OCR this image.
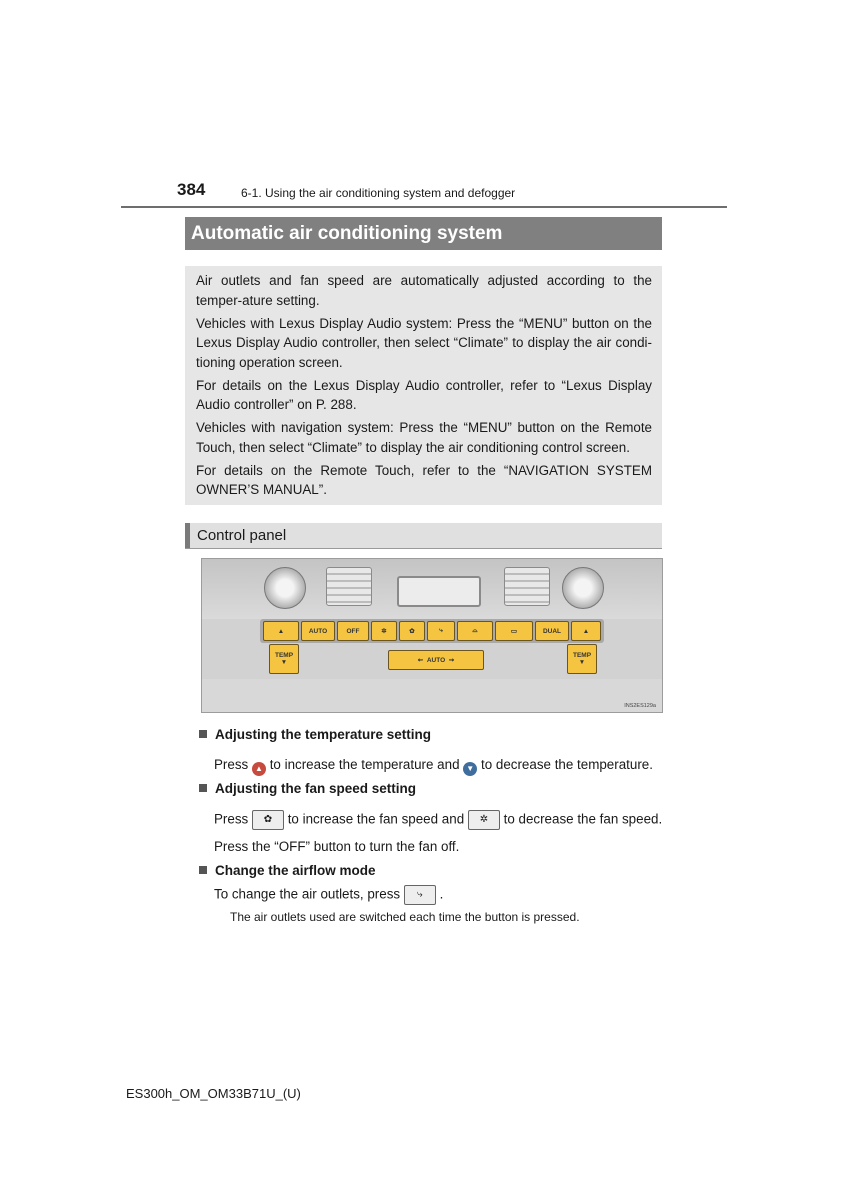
384	6-1. Using the air conditioning system and defogger
Automatic air conditioning system

Air outlets and fan speed are automatically adjusted according to the temper-ature setting.

Vehicles with Lexus Display Audio system: Press the “MENU” button on the Lexus Display Audio controller, then select “Climate” to display the air condi-tioning operation screen.

For details on the Lexus Display Audio controller, refer to “Lexus Display Audio controller” on P. 288.

Vehicles with navigation system: Press the “MENU” button on the Remote Touch, then select “Climate” to display the air conditioning control screen.

For details on the Remote Touch, refer to the “NAVIGATION SYSTEM OWNER’S MANUAL”.

Control panel
▲	AUTO	OFF	✲	✿	⤷	⌓	▭	DUAL	▲
TEMP
▼
TEMP
▼
⇜ AUTO ⇝
INS2ES129a
Adjusting the temperature setting
Press ▲ to increase the temperature and ▼ to decrease the temperature.
Adjusting the fan speed setting
Press ✿ to increase the fan speed and ✲ to decrease the fan speed.
Press the “OFF” button to turn the fan off.
Change the airflow mode
To change the air outlets, press ⤷ .
The air outlets used are switched each time the button is pressed.
ES300h_OM_OM33B71U_(U)
